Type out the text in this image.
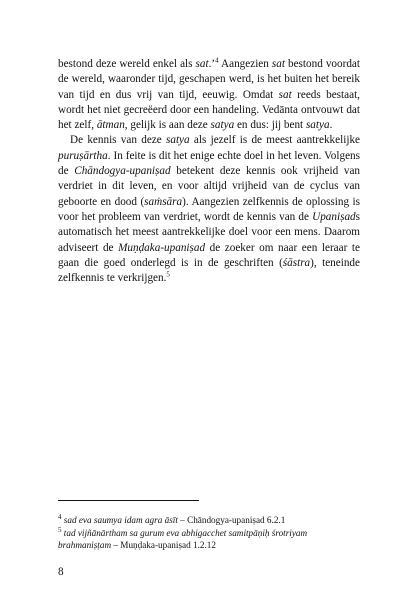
bestond deze wereld enkel als sat.’$^4$ Aangezien sat bestond voordat de wereld, waaronder tijd, geschapen werd, is het buiten het bereik van tijd en dus vrij van tijd, eeuwig. Omdat sat reeds bestaat, wordt het niet gecreëerd door een handeling. Vedānta ontvouwt dat het zelf, ātman, gelijk is aan deze satya en dus: jij bent satya.

De kennis van deze satya als jezelf is de meest aantrekkelijke puruṣārtha. In feite is dit het enige echte doel in het leven. Volgens de Chāndogya-upaniṣad betekent deze kennis ook vrijheid van verdriet in dit leven, en voor altijd vrijheid van de cyclus van geboorte en dood (saṁsāra). Aangezien zelfkennis de oplossing is voor het probleem van verdriet, wordt de kennis van de Upaniṣads automatisch het meest aantrekkelijke doel voor een mens. Daarom adviseert de Muṇḍaka-upaniṣad de zoeker om naar een leraar te gaan die goed onderlegd is in de geschriften (śāstra), teneinde zelfkennis te verkrijgen.$^5$

$^4$ sad eva saumya idam agra āsīt – Chāndogya-upaniṣad 6.2.1

$^5$ tad vijñānārtham sa gurum eva abhigacchet samitpāṇiḥ śrotriyam brahmaniṣṭam – Muṇḍaka-upaniṣad 1.2.12

8
